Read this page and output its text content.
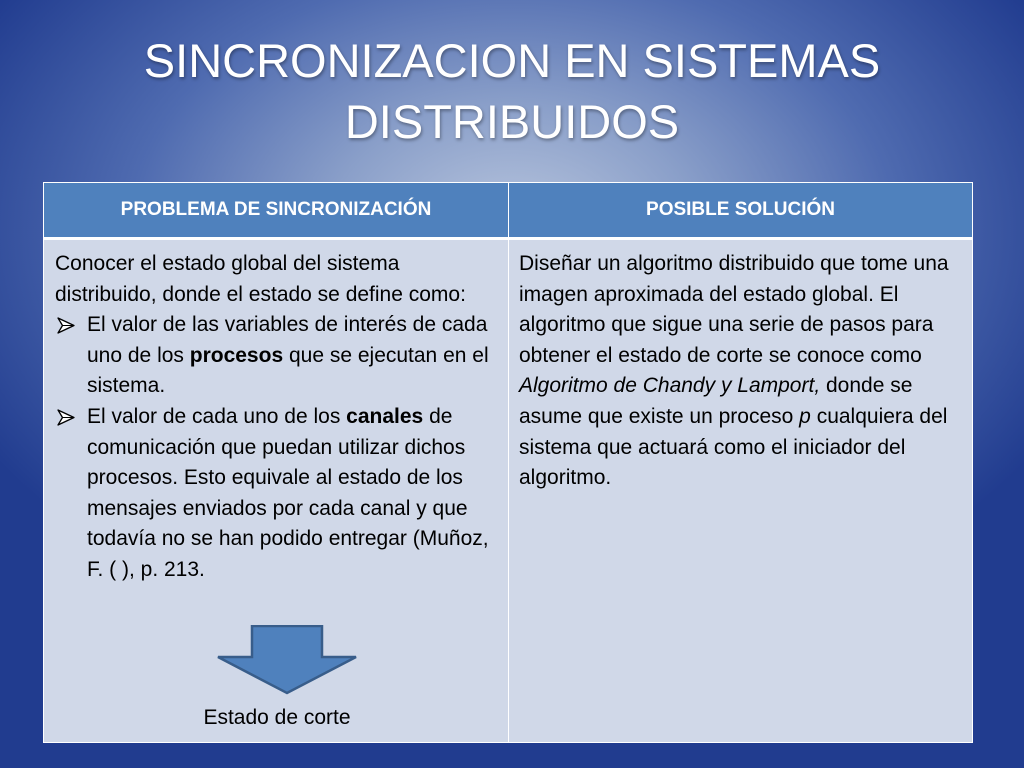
SINCRONIZACION EN SISTEMAS
DISTRIBUIDOS
PROBLEMA DE SINCRONIZACIÓN	POSIBLE SOLUCIÓN

Conocer el estado global del sistema distribuido, donde el estado se define como:

El valor de las variables de interés de cada uno de los procesos que se ejecutan en el sistema.
El valor de cada uno de los canales de comunicación que puedan utilizar dichos procesos. Esto equivale al estado de los mensajes enviados por cada canal y que todavía no se han podido entregar (Muñoz, F. ( ), p. 213.
Estado de corte

Diseñar un algoritmo distribuido que tome una imagen aproximada del estado global. El algoritmo que sigue una serie de pasos para obtener el estado de corte se conoce como Algoritmo de Chandy y Lamport, donde se asume que existe un proceso p cualquiera del sistema que actuará como el iniciador del algoritmo.
